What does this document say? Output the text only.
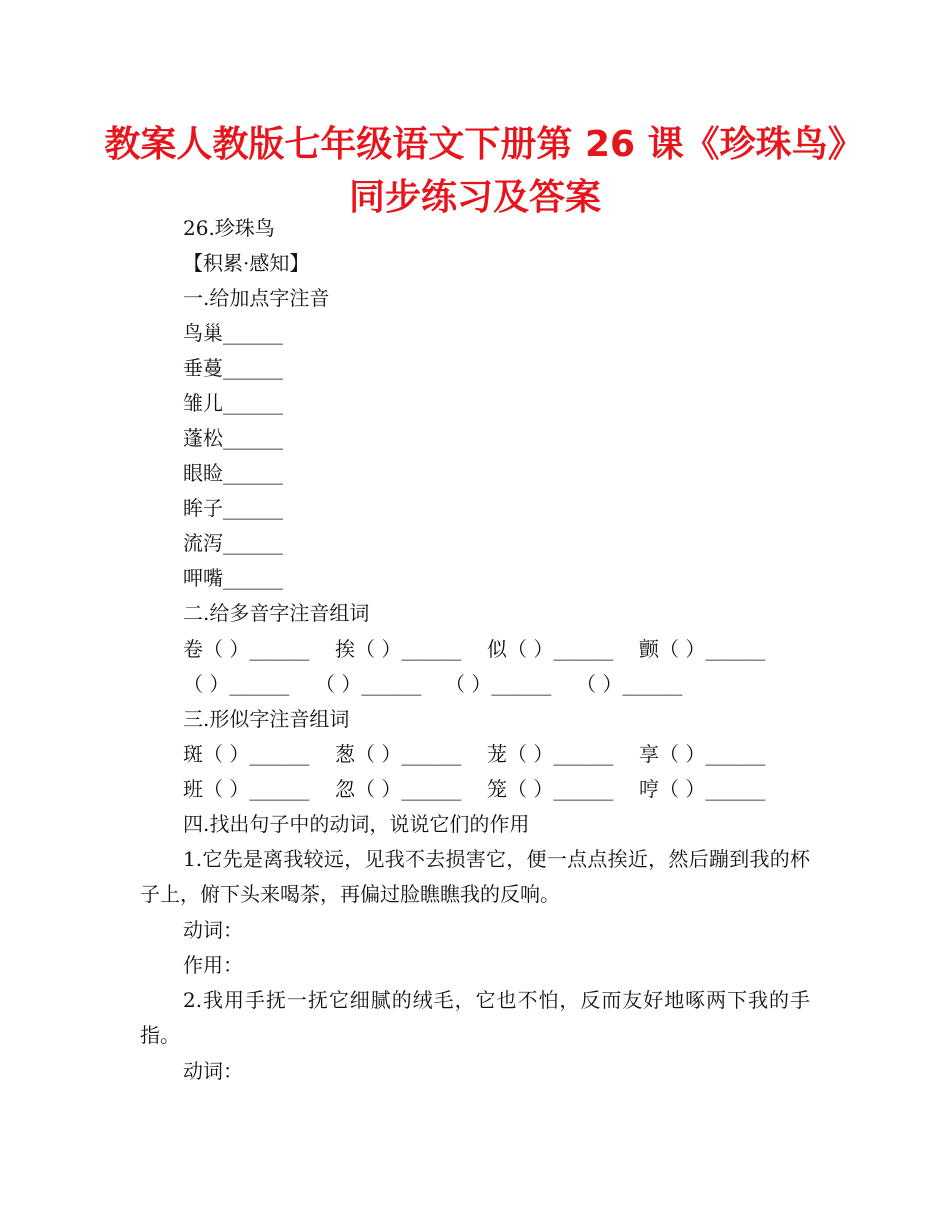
教案人教版七年级语文下册第 26 课《珍珠鸟》同步练习及答案
26.珍珠鸟
【积累·感知】
一.给加点字注音
鸟巢______
垂蔓______
雏儿______
蓬松______
眼睑______
眸子______
流泻______
呷嘴______
二.给多音字注音组词
卷（ ）______ 挨（ ）______ 似（ ）______ 颤（ ）______
（ ）______ （ ）______ （ ）______ （ ）______
三.形似字注音组词
斑（ ）______ 葱（ ）______ 茏（ ）______ 享（ ）______
班（ ）______ 忽（ ）______ 笼（ ）______ 哼（ ）______
四.找出句子中的动词，说说它们的作用
1.它先是离我较远，见我不去损害它，便一点点挨近，然后蹦到我的杯子上，俯下头来喝茶，再偏过脸瞧瞧我的反响。
动词：
作用：
2.我用手抚一抚它细腻的绒毛，它也不怕，反而友好地啄两下我的手指。
动词：
